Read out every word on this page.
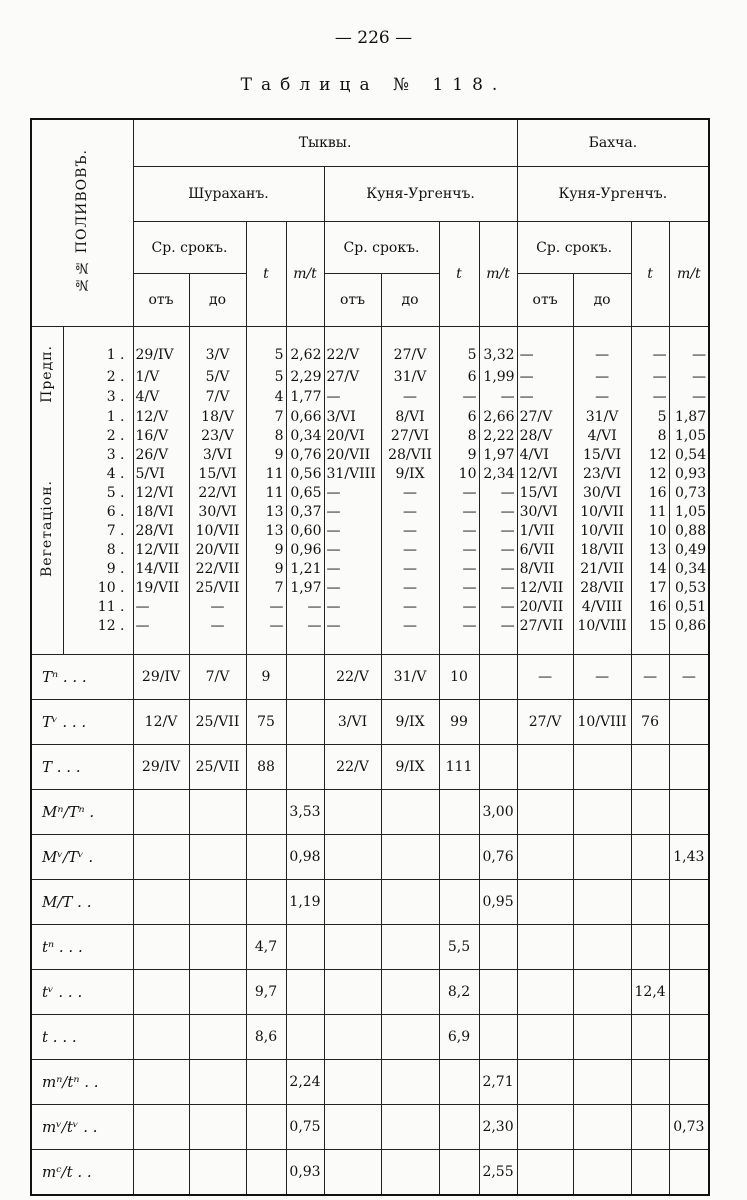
— 226 —
Таблица № 118.
№№ ПОЛИВОВЪ.		Тыквы.								Бахча.			
		Шураханъ.				Куня-Ургенчъ.				Куня-Ургенчъ.			
		Ср. срокъ.		t	m/t	Ср. срокъ.		t	m/t	Ср. срокъ.		t	m/t
		отъ	до			отъ	до			отъ	до		
Предп.	1 .	29/IV	3/V	5	2,62	22/V	27/V	5	3,32	—	—	—	—
	2 .	1/V	5/V	5	2,29	27/V	31/V	6	1,99	—	—	—	—
	3 .	4/V	7/V	4	1,77	—	—	—	—	—	—	—	—
Вегетацiон.	1 .	12/V	18/V	7	0,66	3/VI	8/VI	6	2,66	27/V	31/V	5	1,87
	2 .	16/V	23/V	8	0,34	20/VI	27/VI	8	2,22	28/V	4/VI	8	1,05
	3 .	26/V	3/VI	9	0,76	20/VII	28/VII	9	1,97	4/VI	15/VI	12	0,54
	4 .	5/VI	15/VI	11	0,56	31/VIII	9/IX	10	2,34	12/VI	23/VI	12	0,93
	5 .	12/VI	22/VI	11	0,65	—	—	—	—	15/VI	30/VI	16	0,73
	6 .	18/VI	30/VI	13	0,37	—	—	—	—	30/VI	10/VII	11	1,05
	7 .	28/VI	10/VII	13	0,60	—	—	—	—	1/VII	10/VII	10	0,88
	8 .	12/VII	20/VII	9	0,96	—	—	—	—	6/VII	18/VII	13	0,49
	9 .	14/VII	22/VII	9	1,21	—	—	—	—	8/VII	21/VII	14	0,34
	10 .	19/VII	25/VII	7	1,97	—	—	—	—	12/VII	28/VII	17	0,53
	11 .	—	—	—	—	—	—	—	—	20/VII	4/VIII	16	0,51
	12 .	—	—	—	—	—	—	—	—	27/VII	10/VIII	15	0,86
Tⁿ . . .		29/IV	7/V	9		22/V	31/V	10		—	—	—	—
Tᵛ . . .		12/V	25/VII	75		3/VI	9/IX	99		27/V	10/VIII	76	
T . . .		29/IV	25/VII	88		22/V	9/IX	111					
Mⁿ/Tⁿ .					3,53				3,00				
Mᵛ/Tᵛ .					0,98				0,76				1,43
M/T . .					1,19				0,95				
tⁿ . . .				4,7				5,5					
tᵛ . . .				9,7				8,2				12,4	
t . . .				8,6				6,9					
mⁿ/tⁿ . .					2,24				2,71				
mᵛ/tᵛ . .					0,75				2,30				0,73
mᶜ/t . .					0,93				2,55				
